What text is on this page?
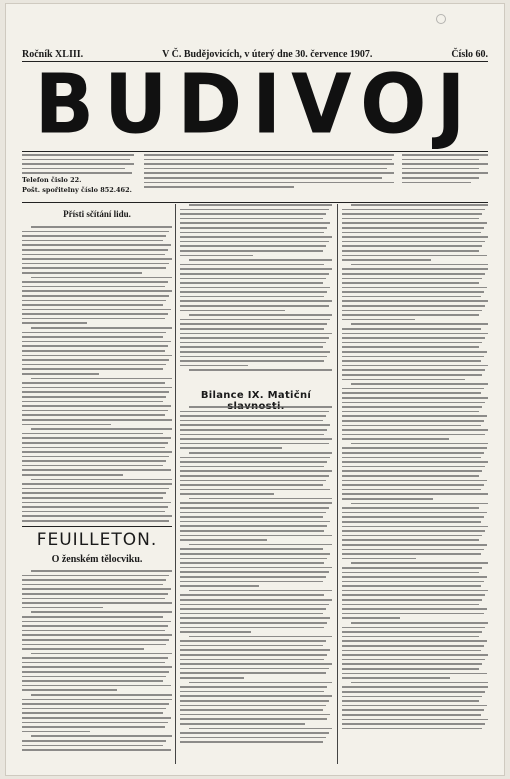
Ročník XLIII.	V Č. Budějovicích, v úterý dne 30. července 1907.	Číslo 60.
BUDIVOJ
Telefon čislo 22.
Pošt. spořitelny číslo 852.462.
Přísti sčítání lidu.
FEUILLETON.
O ženském tělocviku.
Bilance IX. Matiční
